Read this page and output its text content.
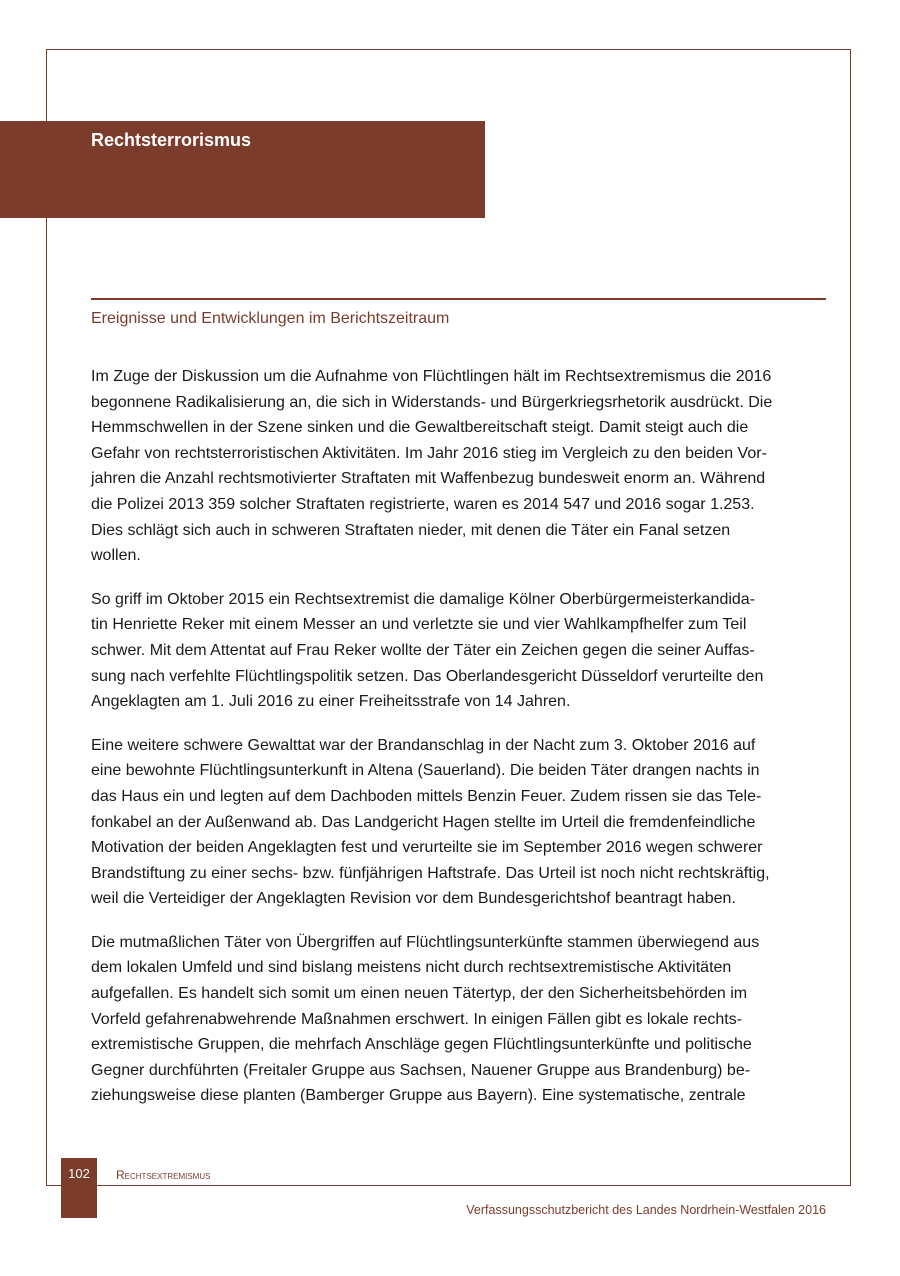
Rechtsterrorismus
Ereignisse und Entwicklungen im Berichtszeitraum
Im Zuge der Diskussion um die Aufnahme von Flüchtlingen hält im Rechtsextremismus die 2016
begonnene Radikalisierung an, die sich in Widerstands- und Bürgerkriegsrhetorik ausdrückt. Die
Hemmschwellen in der Szene sinken und die Gewaltbereitschaft steigt. Damit steigt auch die
Gefahr von rechtsterroristischen Aktivitäten. Im Jahr 2016 stieg im Vergleich zu den beiden Vor-
jahren die Anzahl rechtsmotivierter Straftaten mit Waffenbezug bundesweit enorm an. Während
die Polizei 2013 359 solcher Straftaten registrierte, waren es 2014 547 und 2016 sogar 1.253.
Dies schlägt sich auch in schweren Straftaten nieder, mit denen die Täter ein Fanal setzen
wollen.
So griff im Oktober 2015 ein Rechtsextremist die damalige Kölner Oberbürgermeisterkandida-
tin Henriette Reker mit einem Messer an und verletzte sie und vier Wahlkampfhelfer zum Teil
schwer. Mit dem Attentat auf Frau Reker wollte der Täter ein Zeichen gegen die seiner Auffas-
sung nach verfehlte Flüchtlingspolitik setzen. Das Oberlandesgericht Düsseldorf verurteilte den
Angeklagten am 1. Juli 2016 zu einer Freiheitsstrafe von 14 Jahren.
Eine weitere schwere Gewalttat war der Brandanschlag in der Nacht zum 3. Oktober 2016 auf
eine bewohnte Flüchtlingsunterkunft in Altena (Sauerland). Die beiden Täter drangen nachts in
das Haus ein und legten auf dem Dachboden mittels Benzin Feuer. Zudem rissen sie das Tele-
fonkabel an der Außenwand ab. Das Landgericht Hagen stellte im Urteil die fremdenfeindliche
Motivation der beiden Angeklagten fest und verurteilte sie im September 2016 wegen schwerer
Brandstiftung zu einer sechs- bzw. fünfjährigen Haftstrafe. Das Urteil ist noch nicht rechtskräftig,
weil die Verteidiger der Angeklagten Revision vor dem Bundesgerichtshof beantragt haben.
Die mutmaßlichen Täter von Übergriffen auf Flüchtlingsunterkünfte stammen überwiegend aus
dem lokalen Umfeld und sind bislang meistens nicht durch rechtsextremistische Aktivitäten
aufgefallen. Es handelt sich somit um einen neuen Tätertyp, der den Sicherheitsbehörden im
Vorfeld gefahrenabwehrende Maßnahmen erschwert. In einigen Fällen gibt es lokale rechts-
extremistische Gruppen, die mehrfach Anschläge gegen Flüchtlingsunterkünfte und politische
Gegner durchführten (Freitaler Gruppe aus Sachsen, Nauener Gruppe aus Brandenburg) be-
ziehungsweise diese planten (Bamberger Gruppe aus Bayern). Eine systematische, zentrale
102	Rechtsextremismus
Verfassungsschutzbericht des Landes Nordrhein-Westfalen 2016
